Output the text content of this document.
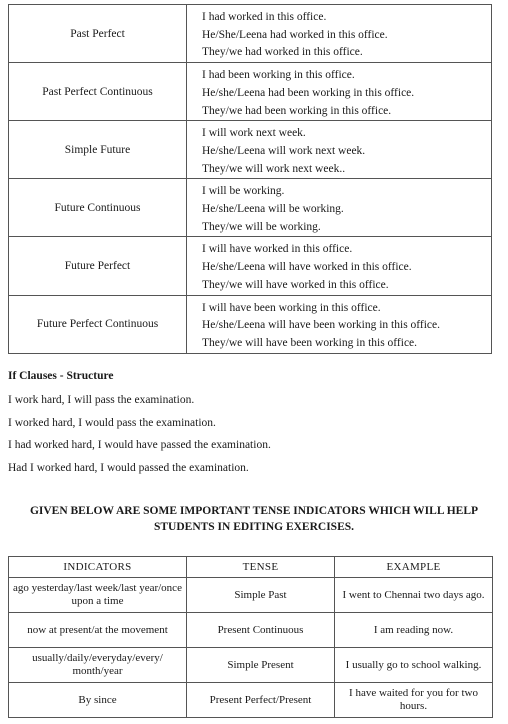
Past Perfect	I had worked in this office.
He/She/Leena had worked in this office.
They/we had worked in this office.

Past Perfect Continuous	I had been working in this office.
He/she/Leena had been working in this office.
They/we had been working in this office.

Simple Future	I will work next week.
He/she/Leena will work next week.
They/we will work next week..

Future Continuous	I will be working.
He/she/Leena will be working.
They/we will be working.

Future Perfect	I will have worked in this office.
He/she/Leena will have worked in this office.
They/we will have worked in this office.

Future Perfect Continuous	I will have been working in this office.
He/she/Leena will have been working in this office.
They/we will have been working in this office.
If Clauses - Structure
I work hard, I will pass the examination.
I worked hard, I would pass the examination.
I had worked hard, I would have passed the examination.
Had I worked hard, I would passed the examination.
GIVEN BELOW ARE SOME IMPORTANT TENSE INDICATORS WHICH WILL HELP STUDENTS IN EDITING EXERCISES.
INDICATORS	TENSE	EXAMPLE
ago yesterday/last week/last year/once upon a time	Simple Past	I went to Chennai two days ago.
now at present/at the movement	Present Continuous	I am reading now.
usually/daily/everyday/every/ month/year	Simple Present	I usually go to school walking.
By since	Present Perfect/Present	I have waited for you for two hours.
